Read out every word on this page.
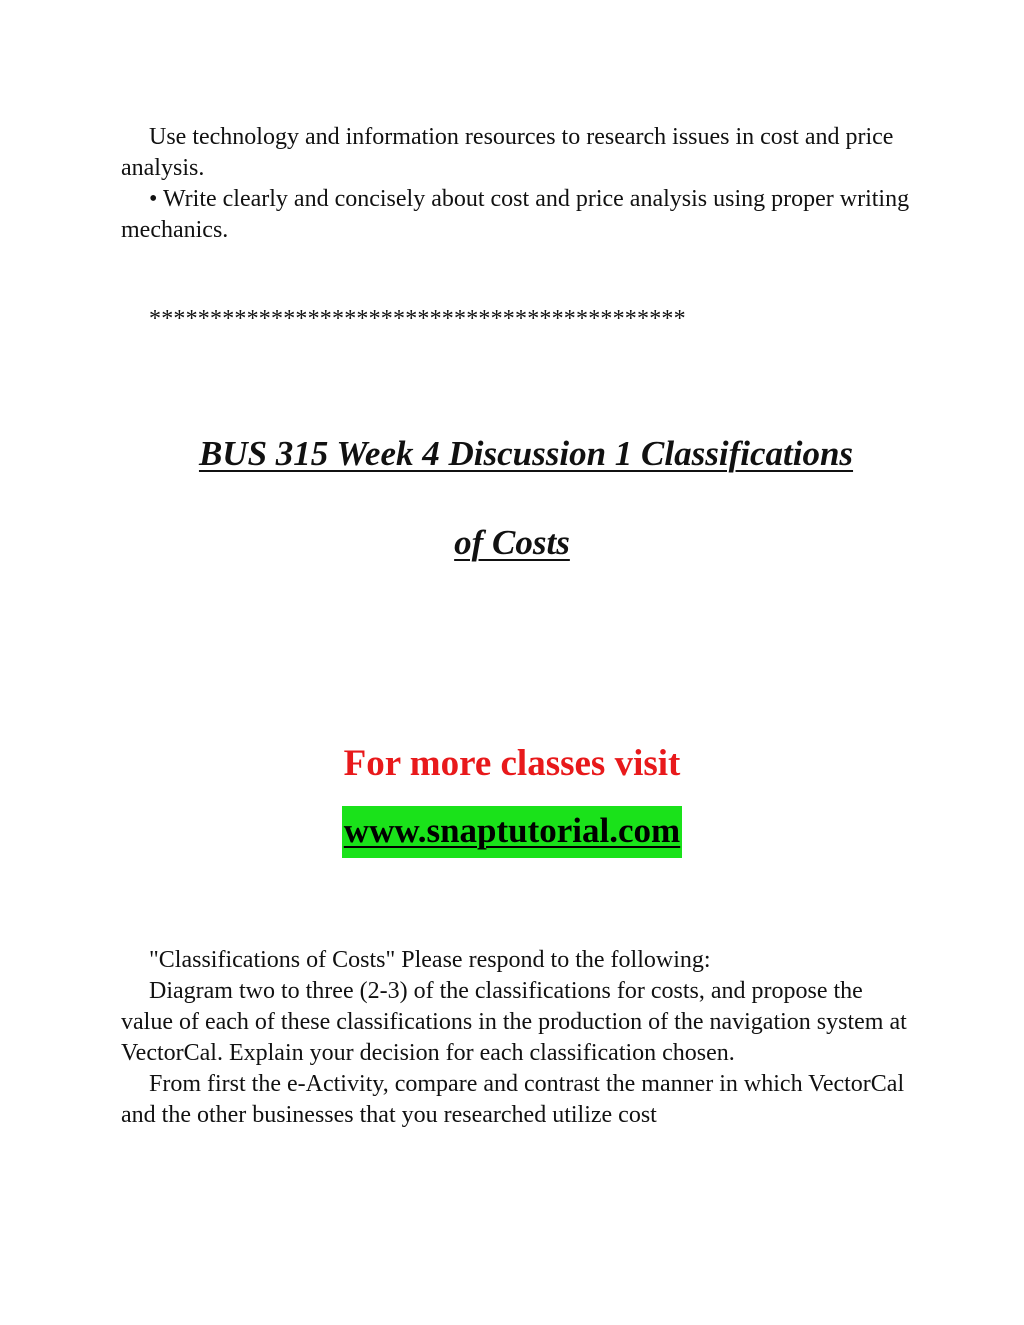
Use technology and information resources to research issues in cost and price analysis.

• Write clearly and concisely about cost and price analysis using proper writing mechanics.

********************************************
BUS 315 Week 4 Discussion 1 Classifications
of Costs
For more classes visit
www.snaptutorial.com

"Classifications of Costs" Please respond to the following:

Diagram two to three (2-3) of the classifications for costs, and propose the value of each of these classifications in the production of the navigation system at VectorCal. Explain your decision for each classification chosen.

From first the e-Activity, compare and contrast the manner in which VectorCal and the other businesses that you researched utilize cost
